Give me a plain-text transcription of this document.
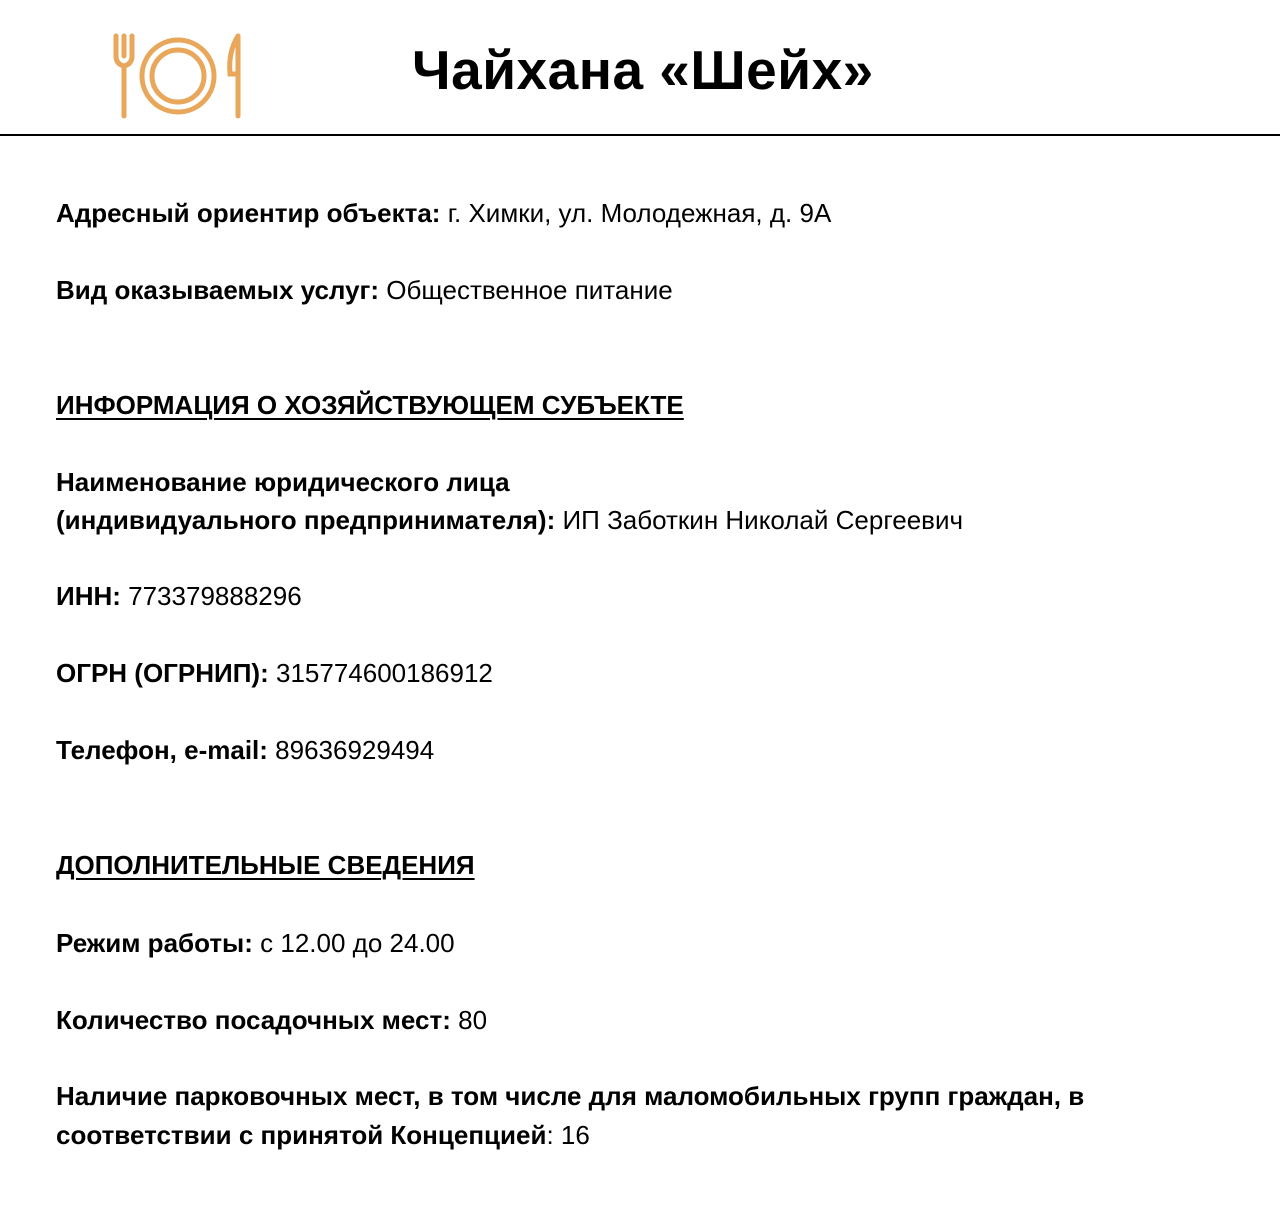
Чайхана «Шейх»
Адресный ориентир объекта: г. Химки, ул. Молодежная, д. 9А
Вид оказываемых услуг: Общественное питание
ИНФОРМАЦИЯ О ХОЗЯЙСТВУЮЩЕМ СУБЪЕКТЕ
Наименование юридического лица
(индивидуального предпринимателя): ИП Заботкин Николай Сергеевич
ИНН: 773379888296
ОГРН (ОГРНИП): 315774600186912
Телефон, e-mail: 89636929494
ДОПОЛНИТЕЛЬНЫЕ СВЕДЕНИЯ
Режим работы: с 12.00 до 24.00
Количество посадочных мест: 80
Наличие парковочных мест, в том числе для маломобильных групп граждан, в
соответствии с принятой Концепцией: 16
